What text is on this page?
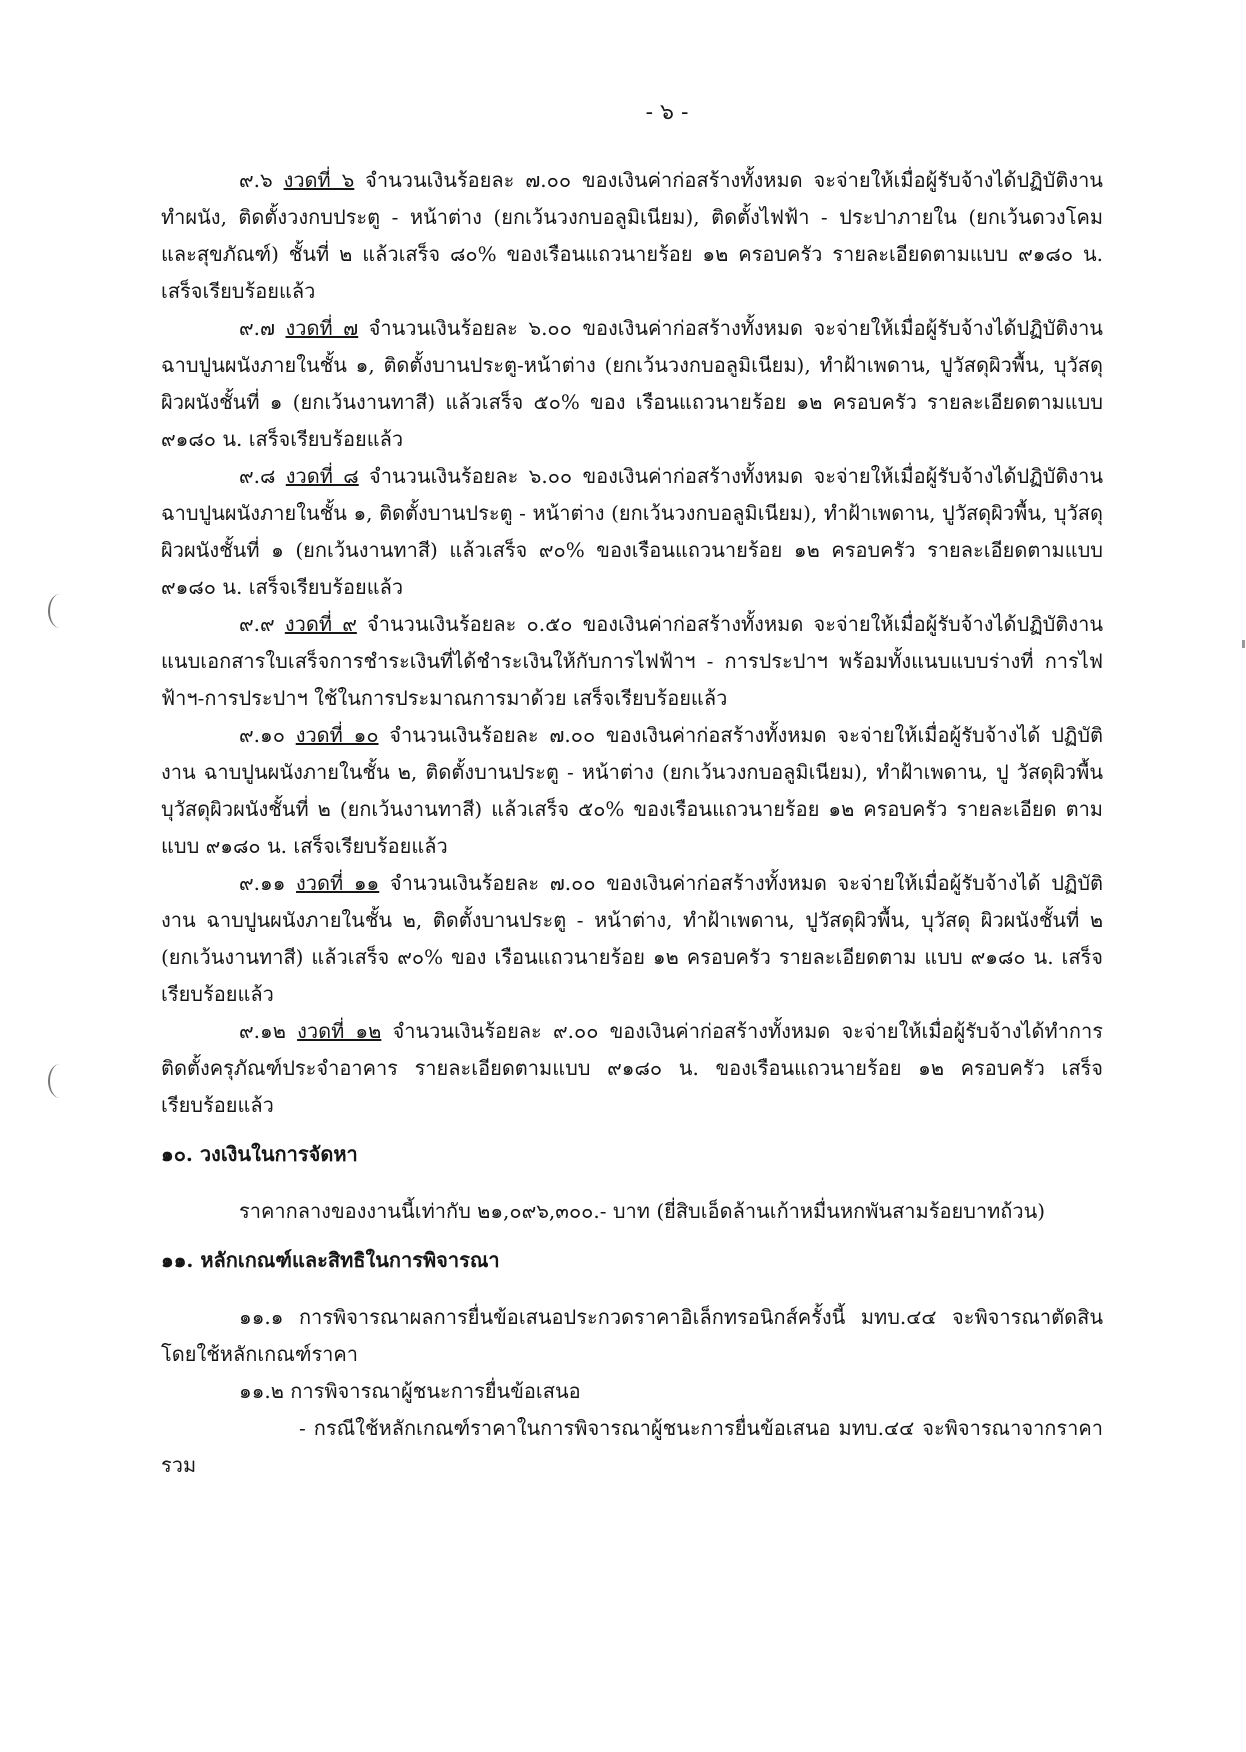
- ๖ -

๙.๖ งวดที่ ๖ จำนวนเงินร้อยละ ๗.๐๐ ของเงินค่าก่อสร้างทั้งหมด จะจ่ายให้เมื่อผู้รับจ้างได้ปฏิบัติงาน ทำผนัง, ติดตั้งวงกบประตู - หน้าต่าง (ยกเว้นวงกบอลูมิเนียม), ติดตั้งไฟฟ้า - ประปาภายใน (ยกเว้นดวงโคม และสุขภัณฑ์) ชั้นที่ ๒ แล้วเสร็จ ๘๐% ของเรือนแถวนายร้อย ๑๒ ครอบครัว รายละเอียดตามแบบ ๙๑๘๐ น. เสร็จเรียบร้อยแล้ว

๙.๗ งวดที่ ๗ จำนวนเงินร้อยละ ๖.๐๐ ของเงินค่าก่อสร้างทั้งหมด จะจ่ายให้เมื่อผู้รับจ้างได้ปฏิบัติงาน ฉาบปูนผนังภายในชั้น ๑, ติดตั้งบานประตู-หน้าต่าง (ยกเว้นวงกบอลูมิเนียม), ทำฝ้าเพดาน, ปูวัสดุผิวพื้น, บุวัสดุ ผิวผนังชั้นที่ ๑ (ยกเว้นงานทาสี) แล้วเสร็จ ๕๐% ของ เรือนแถวนายร้อย ๑๒ ครอบครัว รายละเอียดตามแบบ ๙๑๘๐ น. เสร็จเรียบร้อยแล้ว

๙.๘ งวดที่ ๘ จำนวนเงินร้อยละ ๖.๐๐ ของเงินค่าก่อสร้างทั้งหมด จะจ่ายให้เมื่อผู้รับจ้างได้ปฏิบัติงาน ฉาบปูนผนังภายในชั้น ๑, ติดตั้งบานประตู - หน้าต่าง (ยกเว้นวงกบอลูมิเนียม), ทำฝ้าเพดาน, ปูวัสดุผิวพื้น, บุวัสดุ ผิวผนังชั้นที่ ๑ (ยกเว้นงานทาสี) แล้วเสร็จ ๙๐% ของเรือนแถวนายร้อย ๑๒ ครอบครัว รายละเอียดตามแบบ ๙๑๘๐ น. เสร็จเรียบร้อยแล้ว

๙.๙ งวดที่ ๙ จำนวนเงินร้อยละ ๐.๕๐ ของเงินค่าก่อสร้างทั้งหมด จะจ่ายให้เมื่อผู้รับจ้างได้ปฏิบัติงาน แนบเอกสารใบเสร็จการชำระเงินที่ได้ชำระเงินให้กับการไฟฟ้าฯ - การประปาฯ พร้อมทั้งแนบแบบร่างที่ การไฟฟ้าฯ-การประปาฯ ใช้ในการประมาณการมาด้วย เสร็จเรียบร้อยแล้ว

๙.๑๐ งวดที่ ๑๐ จำนวนเงินร้อยละ ๗.๐๐ ของเงินค่าก่อสร้างทั้งหมด จะจ่ายให้เมื่อผู้รับจ้างได้ ปฏิบัติงาน ฉาบปูนผนังภายในชั้น ๒, ติดตั้งบานประตู - หน้าต่าง (ยกเว้นวงกบอลูมิเนียม), ทำฝ้าเพดาน, ปู วัสดุผิวพื้น บุวัสดุผิวผนังชั้นที่ ๒ (ยกเว้นงานทาสี) แล้วเสร็จ ๕๐% ของเรือนแถวนายร้อย ๑๒ ครอบครัว รายละเอียด ตามแบบ ๙๑๘๐ น. เสร็จเรียบร้อยแล้ว

๙.๑๑ งวดที่ ๑๑ จำนวนเงินร้อยละ ๗.๐๐ ของเงินค่าก่อสร้างทั้งหมด จะจ่ายให้เมื่อผู้รับจ้างได้ ปฏิบัติงาน ฉาบปูนผนังภายในชั้น ๒, ติดตั้งบานประตู - หน้าต่าง, ทำฝ้าเพดาน, ปูวัสดุผิวพื้น, บุวัสดุ ผิวผนังชั้นที่ ๒ (ยกเว้นงานทาสี) แล้วเสร็จ ๙๐% ของ เรือนแถวนายร้อย ๑๒ ครอบครัว รายละเอียดตาม แบบ ๙๑๘๐ น. เสร็จเรียบร้อยแล้ว

๙.๑๒ งวดที่ ๑๒ จำนวนเงินร้อยละ ๙.๐๐ ของเงินค่าก่อสร้างทั้งหมด จะจ่ายให้เมื่อผู้รับจ้างได้ทำการ ติดตั้งครุภัณฑ์ประจำอาคาร รายละเอียดตามแบบ ๙๑๘๐ น. ของเรือนแถวนายร้อย ๑๒ ครอบครัว เสร็จ เรียบร้อยแล้ว

๑๐. วงเงินในการจัดหา

ราคากลางของงานนี้เท่ากับ ๒๑,๐๙๖,๓๐๐.- บาท (ยี่สิบเอ็ดล้านเก้าหมื่นหกพันสามร้อยบาทถ้วน)

๑๑. หลักเกณฑ์และสิทธิในการพิจารณา

๑๑.๑ การพิจารณาผลการยื่นข้อเสนอประกวดราคาอิเล็กทรอนิกส์ครั้งนี้ มทบ.๔๔ จะพิจารณาตัดสิน โดยใช้หลักเกณฑ์ราคา

๑๑.๒ การพิจารณาผู้ชนะการยื่นข้อเสนอ

- กรณีใช้หลักเกณฑ์ราคาในการพิจารณาผู้ชนะการยื่นข้อเสนอ มทบ.๔๔ จะพิจารณาจากราคารวม
